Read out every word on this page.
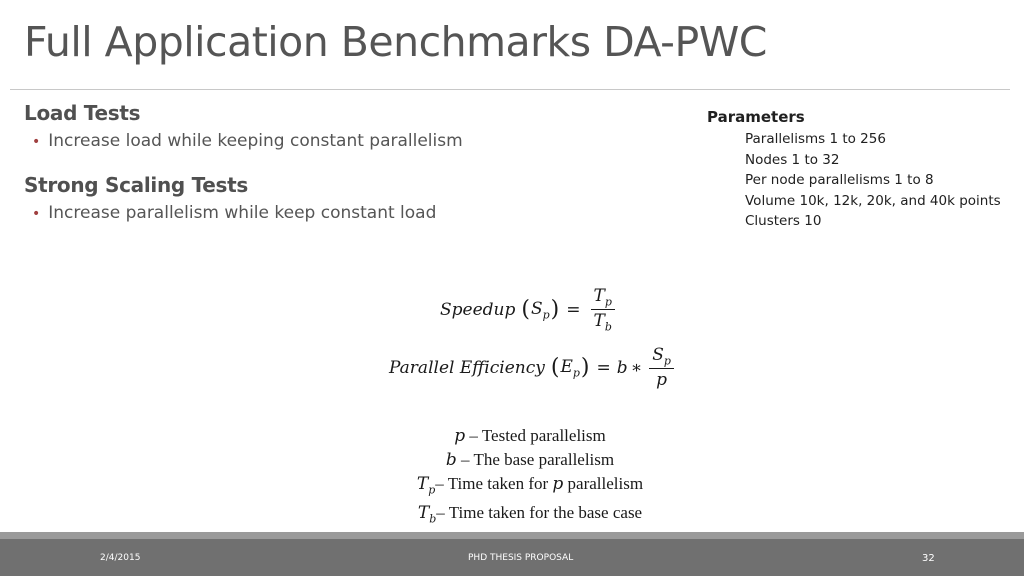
Full Application Benchmarks DA-PWC
Load Tests
• Increase load while keeping constant parallelism
Strong Scaling Tests
• Increase parallelism while keep constant load
Parameters
Parallelisms 1 to 256
Nodes 1 to 32
Per node parallelisms 1 to 8
Volume 10k, 12k, 20k, and 40k points
Clusters 10
Speedup ( $S_p$ ) = $\frac{T_p}{T_b}$
Parallel Efficiency ( $E_p$ ) = b ∗ $\frac{S_p}{p}$
p – Tested parallelism
b – The base parallelism
$T_p-$ Time taken for p parallelism
$T_b-$ Time taken for the base case
2/4/2015	PHD THESIS PROPOSAL	32
